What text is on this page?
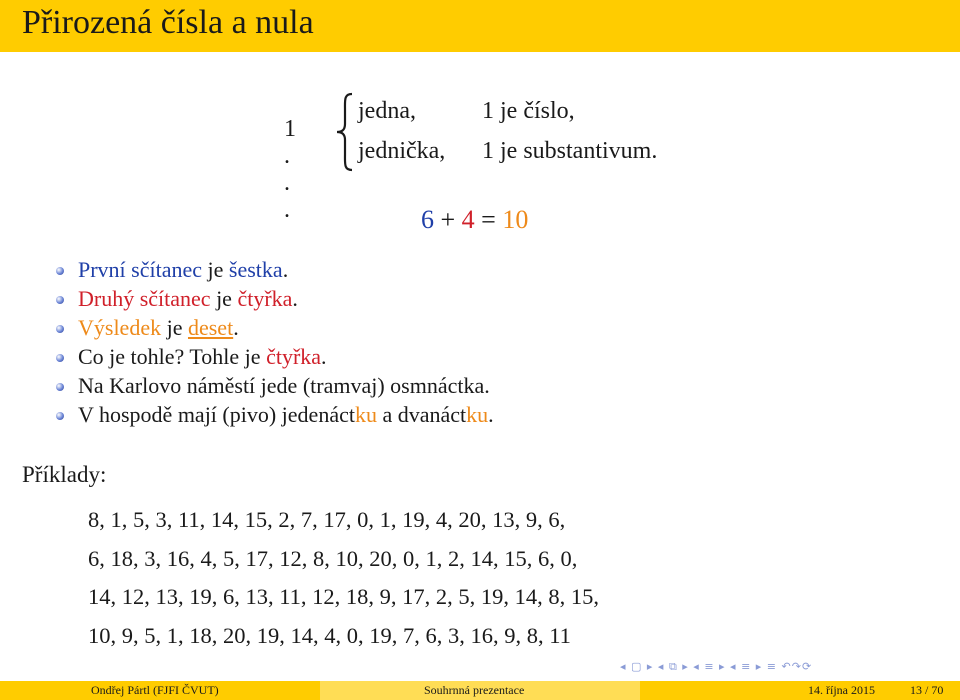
Přirozená čísla a nula
1 . . .
jedna,	1 je číslo,
jednička, 1 je substantivum.
6 + 4 = 10
První sčítanec je šestka.
Druhý sčítanec je čtyřka.
Výsledek je deset.
Co je tohle? Tohle je čtyřka.
Na Karlovo náměstí jede (tramvaj) osmnáctka.
V hospodě mají (pivo) jedenáctku a dvanáctku.
Příklady:
8, 1, 5, 3, 11, 14, 15, 2, 7, 17, 0, 1, 19, 4, 20, 13, 9, 6,
6, 18, 3, 16, 4, 5, 17, 12, 8, 10, 20, 0, 1, 2, 14, 15, 6, 0,
14, 12, 13, 19, 6, 13, 11, 12, 18, 9, 17, 2, 5, 19, 14, 8, 15,
10, 9, 5, 1, 18, 20, 19, 14, 4, 0, 19, 7, 6, 3, 16, 9, 8, 11
◂ ▢ ▸ ◂ ⧉ ▸ ◂ ≡ ▸ ◂ ≡ ▸ ≡ ↶↷⟳
Ondřej Pártl (FJFI ČVUT)	Souhrnná prezentace	14. října 2015	13 / 70
